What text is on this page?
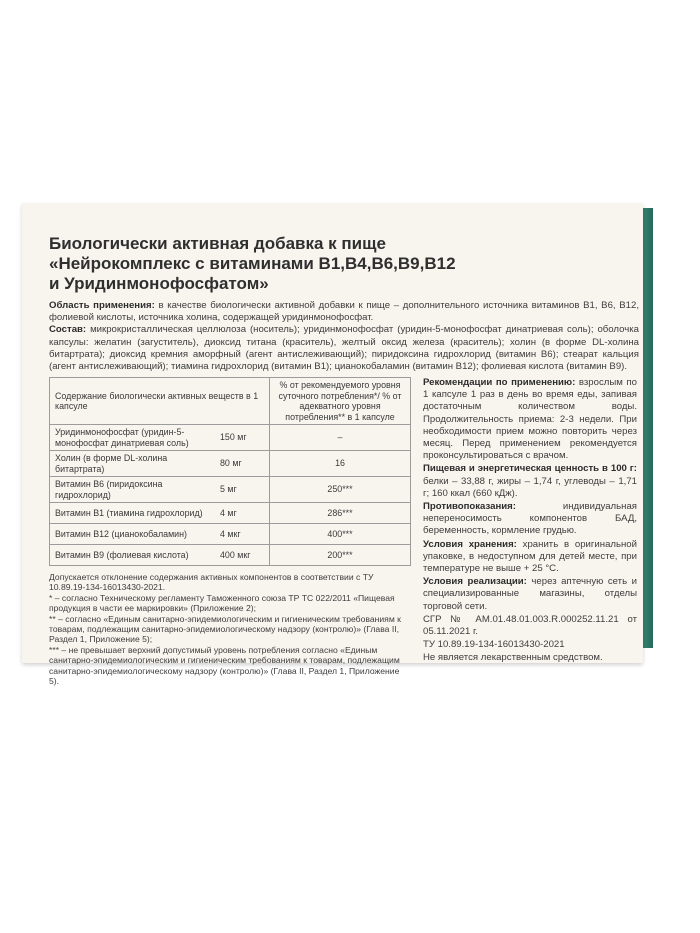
Биологически активная добавка к пище
«Нейрокомплекс с витаминами В1,В4,В6,В9,В12
и Уридинмонофосфатом»
Область применения: в качестве биологически активной добавки к пище – дополнительного источника витаминов В1, В6, В12, фолиевой кислоты, источника холина, содержащей уридинмонофосфат.
Состав: микрокристаллическая целлюлоза (носитель); уридинмонофосфат (уридин-5-монофосфат динатриевая соль); оболочка капсулы: желатин (загуститель), диоксид титана (краситель), желтый оксид железа (краситель); холин (в форме DL-холина битартрата); диоксид кремния аморфный (агент антислеживающий); пиридоксина гидрохлорид (витамин В6); стеарат кальция (агент антислеживающий); тиамина гидрохлорид (витамин В1); цианокобаламин (витамин В12); фолиевая кислота (витамин В9).
Содержание биологически активных веществ в 1 капсуле		% от рекомендуемого уровня суточного потребления*/ % от адекватного уровня потребления** в 1 капсуле
Уридинмонофосфат (уридин-5-монофосфат динатриевая соль)	150 мг	–
Холин (в форме DL-холина битартрата)	80 мг	16
Витамин В6 (пиридоксина гидрохлорид)	5 мг	250***
Витамин В1 (тиамина гидрохлорид)	4 мг	286***
Витамин В12 (цианокобаламин)	4 мкг	400***
Витамин В9 (фолиевая кислота)	400 мкг	200***
Допускается отклонение содержания активных компонентов в соответствии с ТУ 10.89.19-134-16013430-2021.
* – согласно Техническому регламенту Таможенного союза ТР ТС 022/2011 «Пищевая продукция в части ее маркировки» (Приложение 2);
** – согласно «Единым санитарно-эпидемиологическим и гигиеническим требованиям к товарам, подлежащим санитарно-эпидемиологическому надзору (контролю)» (Глава II, Раздел 1, Приложение 5);
*** – не превышает верхний допустимый уровень потребления согласно «Единым санитарно-эпидемиологическим и гигиеническим требованиям к товарам, подлежащим санитарно-эпидемиологическому надзору (контролю)» (Глава II, Раздел 1, Приложение 5).
Рекомендации по применению: взрослым по 1 капсуле 1 раз в день во время еды, запивая достаточным количеством воды. Продолжительность приема: 2-3 недели. При необходимости прием можно повторить через месяц. Перед применением рекомендуется проконсультироваться с врачом.
Пищевая и энергетическая ценность в 100 г: белки – 33,88 г, жиры – 1,74 г, углеводы – 1,71 г; 160 ккал (660 кДж).
Противопоказания: индивидуальная непереносимость компонентов БАД, беременность, кормление грудью.
Условия хранения: хранить в оригинальной упаковке, в недоступном для детей месте, при температуре не выше + 25 °С.
Условия реализации: через аптечную сеть и специализированные магазины, отделы торговой сети.
СГР № AM.01.48.01.003.R.000252.11.21 от 05.11.2021 г.
ТУ 10.89.19-134-16013430-2021
Не является лекарственным средством.
